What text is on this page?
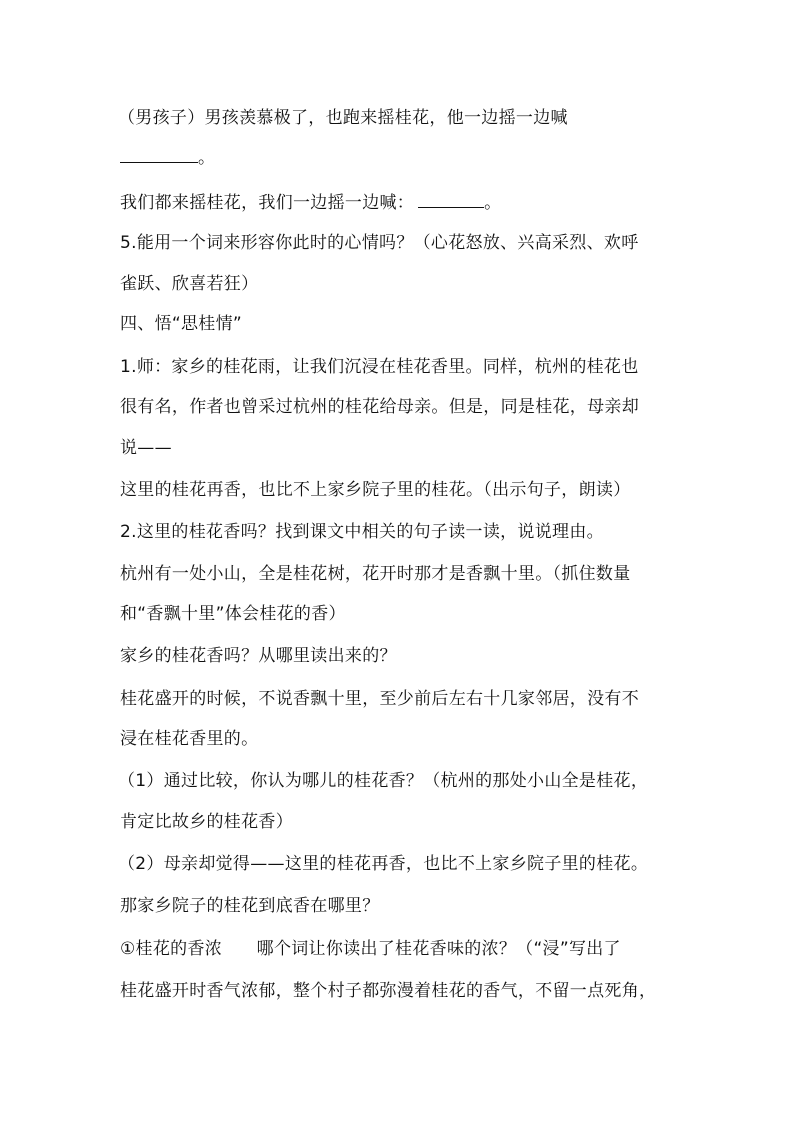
（男孩子）男孩羡慕极了，也跑来摇桂花，他一边摇一边喊
。
我们都来摇桂花，我们一边摇一边喊：	。
5.能用一个词来形容你此时的心情吗？（心花怒放、兴高采烈、欢呼
雀跃、欣喜若狂）
四、悟“思桂情”
1.师：家乡的桂花雨，让我们沉浸在桂花香里。同样，杭州的桂花也
很有名，作者也曾采过杭州的桂花给母亲。但是，同是桂花，母亲却
说——
这里的桂花再香，也比不上家乡院子里的桂花。（出示句子，朗读）
2.这里的桂花香吗？找到课文中相关的句子读一读，说说理由。
杭州有一处小山，全是桂花树，花开时那才是香飘十里。（抓住数量
和“香飘十里”体会桂花的香）
家乡的桂花香吗？从哪里读出来的？
桂花盛开的时候，不说香飘十里，至少前后左右十几家邻居，没有不
浸在桂花香里的。
（1）通过比较，你认为哪儿的桂花香？（杭州的那处小山全是桂花，
肯定比故乡的桂花香）
（2）母亲却觉得——这里的桂花再香，也比不上家乡院子里的桂花。
那家乡院子的桂花到底香在哪里？
①桂花的香浓　　哪个词让你读出了桂花香味的浓？（“浸”写出了
桂花盛开时香气浓郁，整个村子都弥漫着桂花的香气，不留一点死角，
